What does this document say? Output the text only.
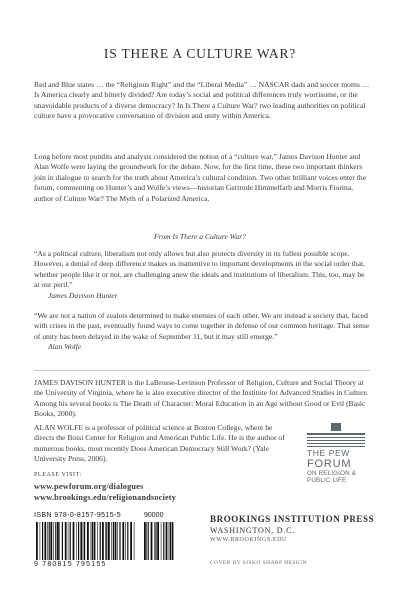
IS THERE A CULTURE WAR?

Red and Blue states … the “Religious Right” and the “Liberal Media” … NASCAR dads and soccer moms … Is America clearly and bitterly divided? Are today’s social and political differences truly worrisome, or the unavoidable products of a diverse democracy? In Is There a Culture War? two leading authorities on political culture have a provocative conversation of division and unity within America.

Long before most pundits and analysts considered the notion of a “culture war,” James Davison Hunter and Alan Wolfe were laying the groundwork for the debate. Now, for the first time, these two important thinkers join in dialogue to search for the truth about America’s cultural condition. Two other brilliant voices enter the forum, commenting on Hunter’s and Wolfe’s views—historian Gertrude Himmelfarb and Morris Fiorina, author of Culture War? The Myth of a Polarized America.

From Is There a Culture War?

“As a political culture, liberalism not only allows but also protects diversity in its fullest possible scope. However, a denial of deep difference makes us inattentive to important developments in the social order that, whether people like it or not, are challenging anew the ideals and institutions of liberalism. This, too, may be at our peril.”
James Davison Hunter

“We are not a nation of zealots determined to make enemies of each other. We are instead a society that, faced with crises in the past, eventually found ways to come together in defense of our common heritage. That sense of unity has been delayed in the wake of September 11, but it may still emerge.”
Alan Wolfe

JAMES DAVISON HUNTER is the LaBrosse-Levinson Professor of Religion, Culture and Social Theory at the University of Virginia, where he is also executive director of the Institute for Advanced Studies in Culture. Among his several books is The Death of Character: Moral Education in an Age without Good or Evil (Basic Books, 2000).

ALAN WOLFE is a professor of political science at Boston College, where he directs the Boisi Center for Religion and American Public Life. He is the author of numerous books, most recently Does American Democracy Still Work? (Yale University Press, 2006).

PLEASE VISIT:
www.pewforum.org/dialogues
www.brookings.edu/religionandsociety
THE PEW
FORUM
ON RELIGION & PUBLIC LIFE
ISBN 978-0-8157-9515-5	90000
9 780815 795155
BROOKINGS INSTITUTION PRESS
WASHINGTON, D.C.
WWW.BROOKINGS.EDU
COVER BY SISKO SHARP DESIGN
